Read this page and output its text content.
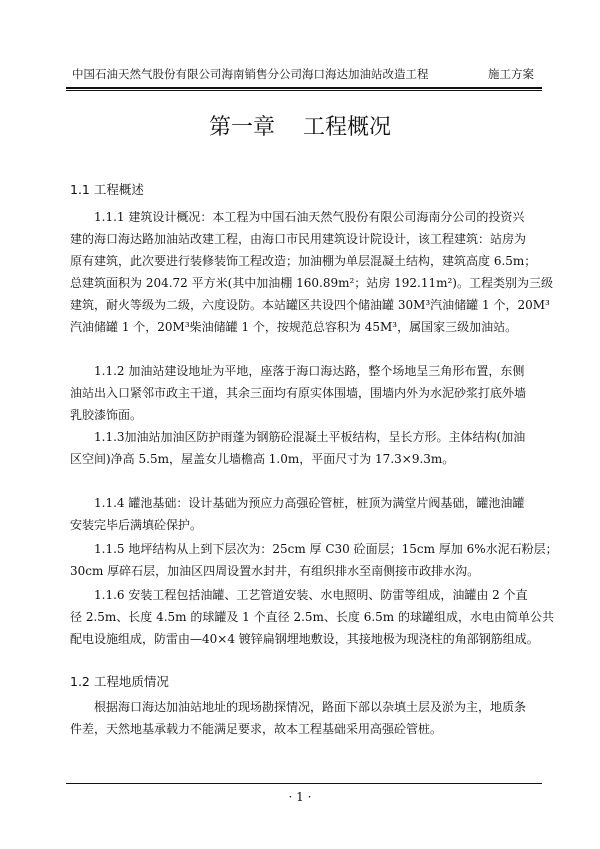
中国石油天然气股份有限公司海南销售分公司海口海达加油站改造工程	施工方案
第一章    工程概况
1.1 工程概述
1.1.1 建筑设计概况：本工程为中国石油天然气股份有限公司海南分公司的投资兴
建的海口海达路加油站改建工程，由海口市民用建筑设计院设计，该工程建筑：站房为
原有建筑，此次要进行装修装饰工程改造；加油棚为单层混凝土结构，建筑高度 6.5m；
总建筑面积为 204.72 平方米(其中加油棚 160.89m²；站房 192.11m²)。工程类别为三级
建筑，耐火等级为二级，六度设防。本站罐区共设四个储油罐 30M³汽油储罐 1 个，20M³
汽油储罐 1 个，20M³柴油储罐 1 个，按规范总容积为 45M³，属国家三级加油站。
1.1.2 加油站建设地址为平地，座落于海口海达路，整个场地呈三角形布置，东侧
油站出入口紧邻市政主干道，其余三面均有原实体围墙，围墙内外为水泥砂浆打底外墙
乳胶漆饰面。
1.1.3加油站加油区防护雨蓬为钢筋砼混凝土平板结构，呈长方形。主体结构(加油
区空间)净高 5.5m，屋盖女儿墙檐高 1.0m，平面尺寸为 17.3×9.3m。
1.1.4 罐池基础：设计基础为预应力高强砼管桩，桩顶为满堂片阀基础，罐池油罐
安装完毕后满填砼保护。
1.1.5 地坪结构从上到下层次为：25cm 厚 C30 砼面层；15cm 厚加 6%水泥石粉层；
30cm 厚碎石层，加油区四周设置水封井，有组织排水至南侧接市政排水沟。
1.1.6 安装工程包括油罐、工艺管道安装、水电照明、防雷等组成，油罐由 2 个直
径 2.5m、长度 4.5m 的球罐及 1 个直径 2.5m、长度 6.5m 的球罐组成，水电由简单公共
配电设施组成，防雷由—40×4 镀锌扁钢埋地敷设，其接地极为现浇柱的角部钢筋组成。
1.2 工程地质情况
根据海口海达加油站地址的现场勘探情况，路面下部以杂填土层及淤为主，地质条
件差，天然地基承载力不能满足要求，故本工程基础采用高强砼管桩。
· 1 ·
